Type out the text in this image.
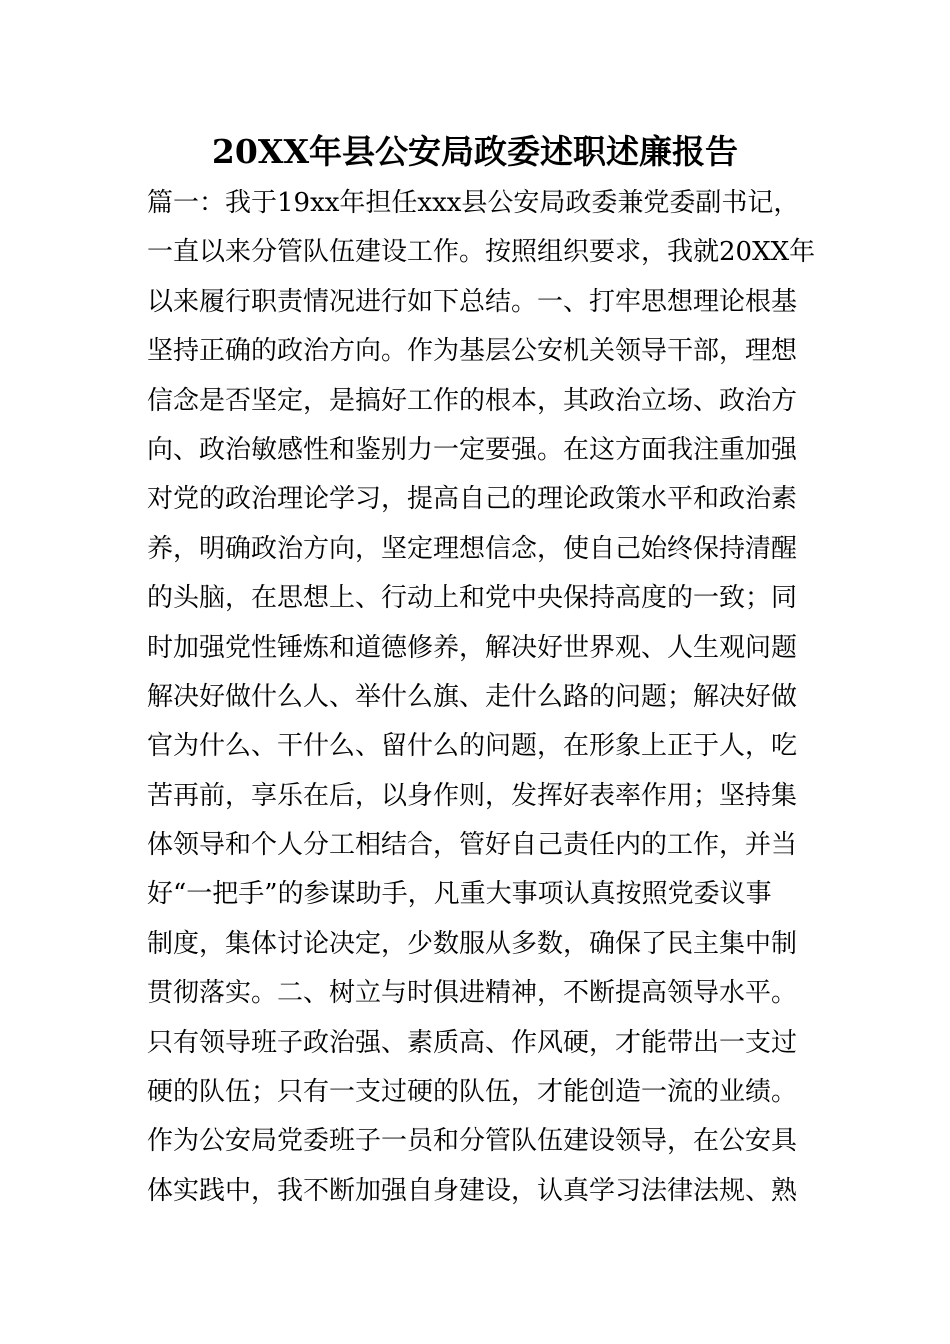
20XX年县公安局政委述职述廉报告
篇一：我于19xx年担任xxx县公安局政委兼党委副书记，
一直以来分管队伍建设工作。按照组织要求，我就20XX年
以来履行职责情况进行如下总结。一、打牢思想理论根基
坚持正确的政治方向。作为基层公安机关领导干部，理想
信念是否坚定，是搞好工作的根本，其政治立场、政治方
向、政治敏感性和鉴别力一定要强。在这方面我注重加强
对党的政治理论学习，提高自己的理论政策水平和政治素
养，明确政治方向，坚定理想信念，使自己始终保持清醒
的头脑，在思想上、行动上和党中央保持高度的一致；同
时加强党性锤炼和道德修养，解决好世界观、人生观问题
解决好做什么人、举什么旗、走什么路的问题；解决好做
官为什么、干什么、留什么的问题，在形象上正于人，吃
苦再前，享乐在后，以身作则，发挥好表率作用；坚持集
体领导和个人分工相结合，管好自己责任内的工作，并当
好“一把手”的参谋助手，凡重大事项认真按照党委议事
制度，集体讨论决定，少数服从多数，确保了民主集中制
贯彻落实。二、树立与时俱进精神，不断提高领导水平。
只有领导班子政治强、素质高、作风硬，才能带出一支过
硬的队伍；只有一支过硬的队伍，才能创造一流的业绩。
作为公安局党委班子一员和分管队伍建设领导，在公安具
体实践中，我不断加强自身建设，认真学习法律法规、熟
